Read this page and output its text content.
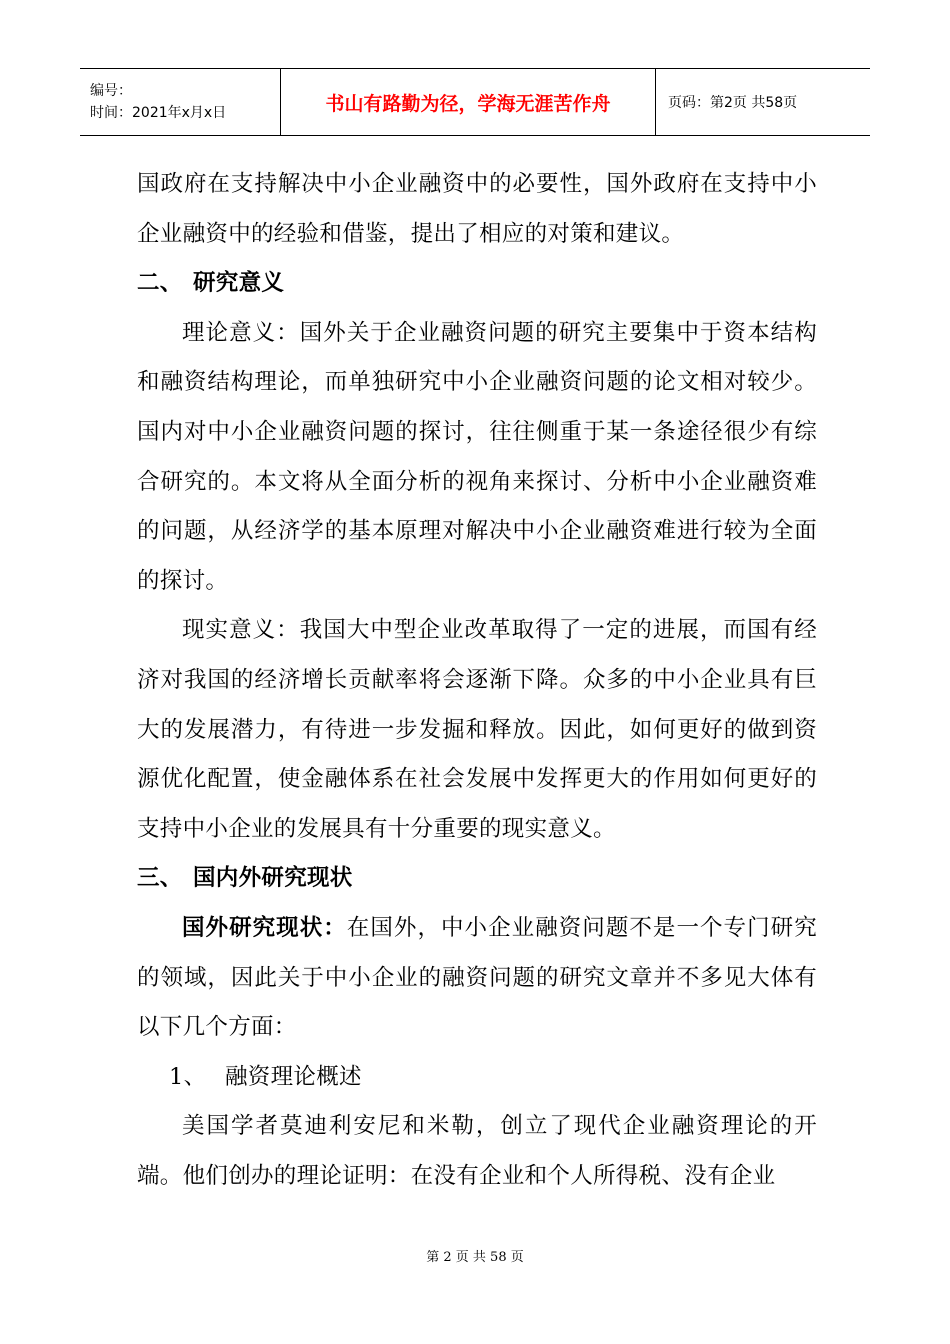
编号：
时间：2021年x月x日	书山有路勤为径，学海无涯苦作舟	页码：第2页 共58页

国政府在支持解决中小企业融资中的必要性，国外政府在支持中小企业融资中的经验和借鉴，提出了相应的对策和建议。

二、 研究意义

理论意义：国外关于企业融资问题的研究主要集中于资本结构和融资结构理论，而单独研究中小企业融资问题的论文相对较少。国内对中小企业融资问题的探讨，往往侧重于某一条途径很少有综合研究的。本文将从全面分析的视角来探讨、分析中小企业融资难的问题，从经济学的基本原理对解决中小企业融资难进行较为全面的探讨。

现实意义：我国大中型企业改革取得了一定的进展，而国有经济对我国的经济增长贡献率将会逐渐下降。众多的中小企业具有巨大的发展潜力，有待进一步发掘和释放。因此，如何更好的做到资源优化配置，使金融体系在社会发展中发挥更大的作用如何更好的支持中小企业的发展具有十分重要的现实意义。

三、 国内外研究现状

国外研究现状：在国外，中小企业融资问题不是一个专门研究的领域，因此关于中小企业的融资问题的研究文章并不多见大体有以下几个方面：

1、 融资理论概述

美国学者莫迪利安尼和米勒，创立了现代企业融资理论的开端。他们创办的理论证明：在没有企业和个人所得税、没有企业

第 2 页 共 58 页
